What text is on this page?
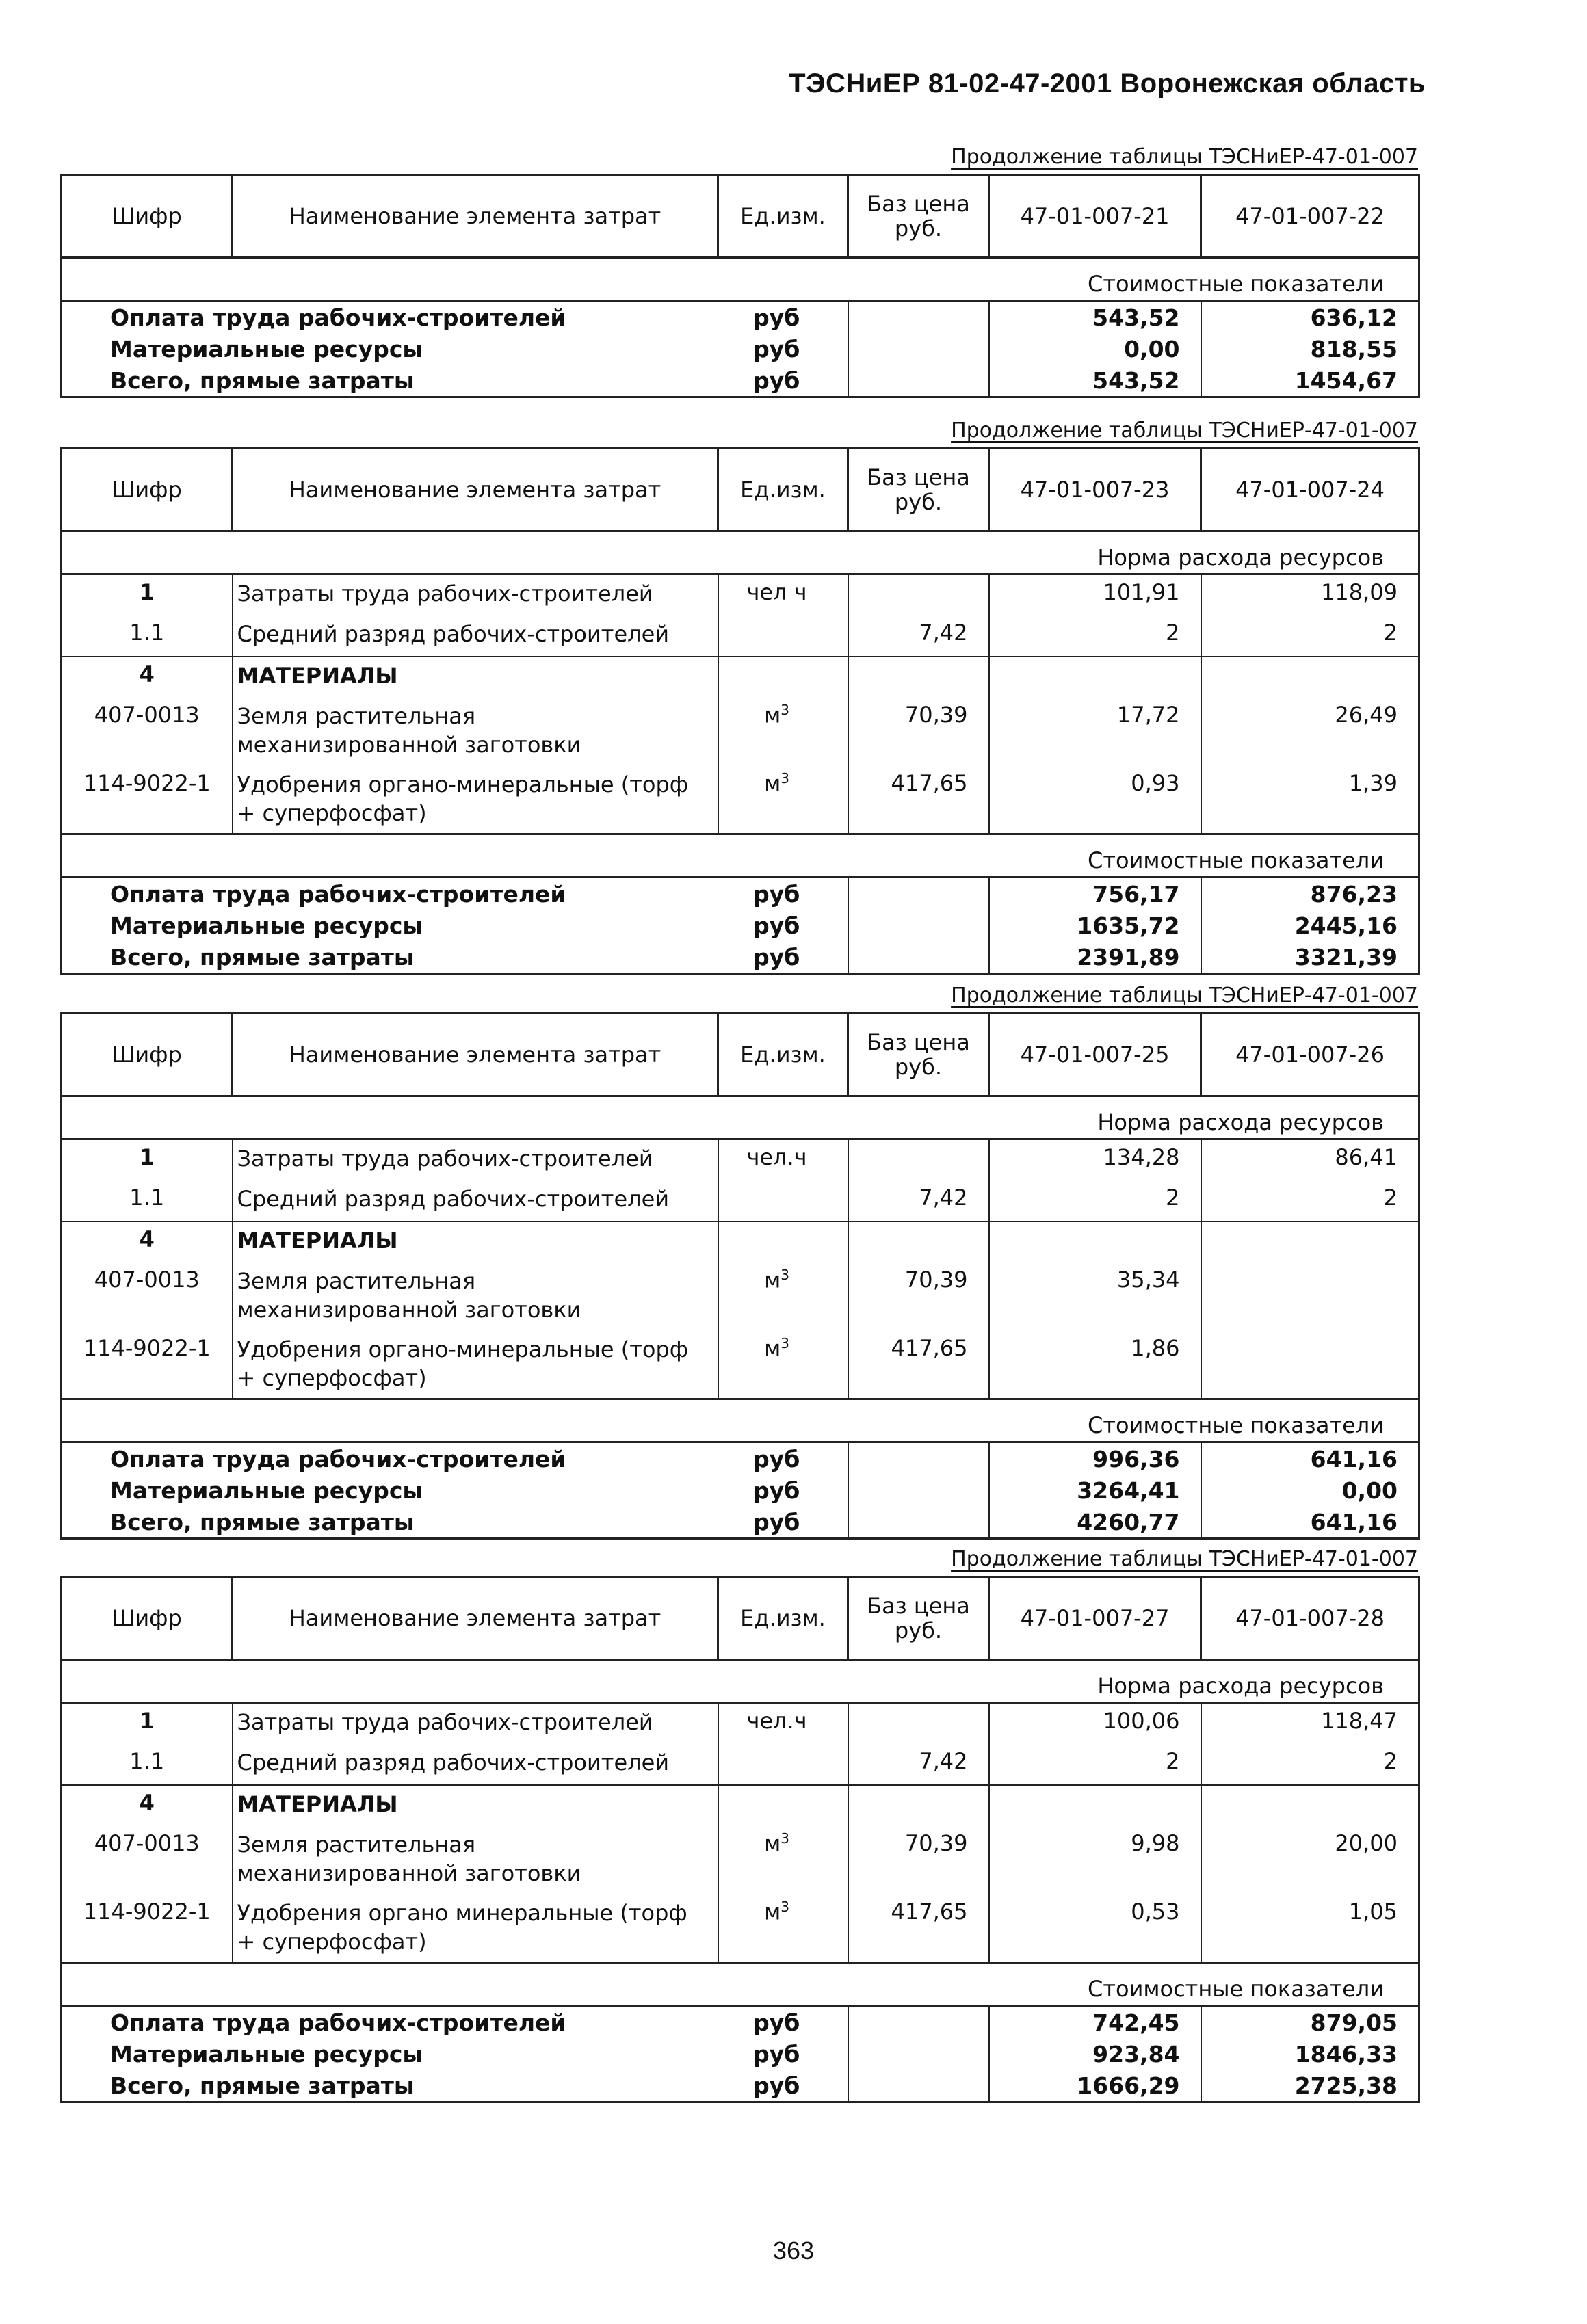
ТЭСНиЕР 81-02-47-2001 Воронежская область
Продолжение таблицы ТЭСНиЕР-47-01-007
Шифр	Наименование элемента затрат	Ед.изм.	Баз цена руб.	47-01-007-21	47-01-007-22
Стоимостные показатели					
Оплата труда рабочих-строителей		руб		543,52	636,12
Материальные ресурсы		руб		0,00	818,55
Всего, прямые затраты		руб		543,52	1454,67
Продолжение таблицы ТЭСНиЕР-47-01-007
Шифр	Наименование элемента затрат	Ед.изм.	Баз цена руб.	47-01-007-23	47-01-007-24
Норма расхода ресурсов					
1	Затраты труда рабочих-строителей	чел ч		101,91	118,09
1.1	Средний разряд рабочих-строителей		7,42	2	2
4	МАТЕРИАЛЫ				
407-0013	Земля растительная механизированной заготовки	$м^3$	70,39	17,72	26,49
114-9022-1	Удобрения органо-минеральные (торф + суперфосфат)	$м^3$	417,65	0,93	1,39
Стоимостные показатели					
Оплата труда рабочих-строителей		руб		756,17	876,23
Материальные ресурсы		руб		1635,72	2445,16
Всего, прямые затраты		руб		2391,89	3321,39
Продолжение таблицы ТЭСНиЕР-47-01-007
Шифр	Наименование элемента затрат	Ед.изм.	Баз цена руб.	47-01-007-25	47-01-007-26
Норма расхода ресурсов					
1	Затраты труда рабочих-строителей	чел.ч		134,28	86,41
1.1	Средний разряд рабочих-строителей		7,42	2	2
4	МАТЕРИАЛЫ				
407-0013	Земля растительная механизированной заготовки	$м^3$	70,39	35,34	
114-9022-1	Удобрения органо-минеральные (торф + суперфосфат)	$м^3$	417,65	1,86	
Стоимостные показатели					
Оплата труда рабочих-строителей		руб		996,36	641,16
Материальные ресурсы		руб		3264,41	0,00
Всего, прямые затраты		руб		4260,77	641,16
Продолжение таблицы ТЭСНиЕР-47-01-007
Шифр	Наименование элемента затрат	Ед.изм.	Баз цена руб.	47-01-007-27	47-01-007-28
Норма расхода ресурсов					
1	Затраты труда рабочих-строителей	чел.ч		100,06	118,47
1.1	Средний разряд рабочих-строителей		7,42	2	2
4	МАТЕРИАЛЫ				
407-0013	Земля растительная механизированной заготовки	$м^3$	70,39	9,98	20,00
114-9022-1	Удобрения органо минеральные (торф + суперфосфат)	$м^3$	417,65	0,53	1,05
Стоимостные показатели					
Оплата труда рабочих-строителей		руб		742,45	879,05
Материальные ресурсы		руб		923,84	1846,33
Всего, прямые затраты		руб		1666,29	2725,38
363
